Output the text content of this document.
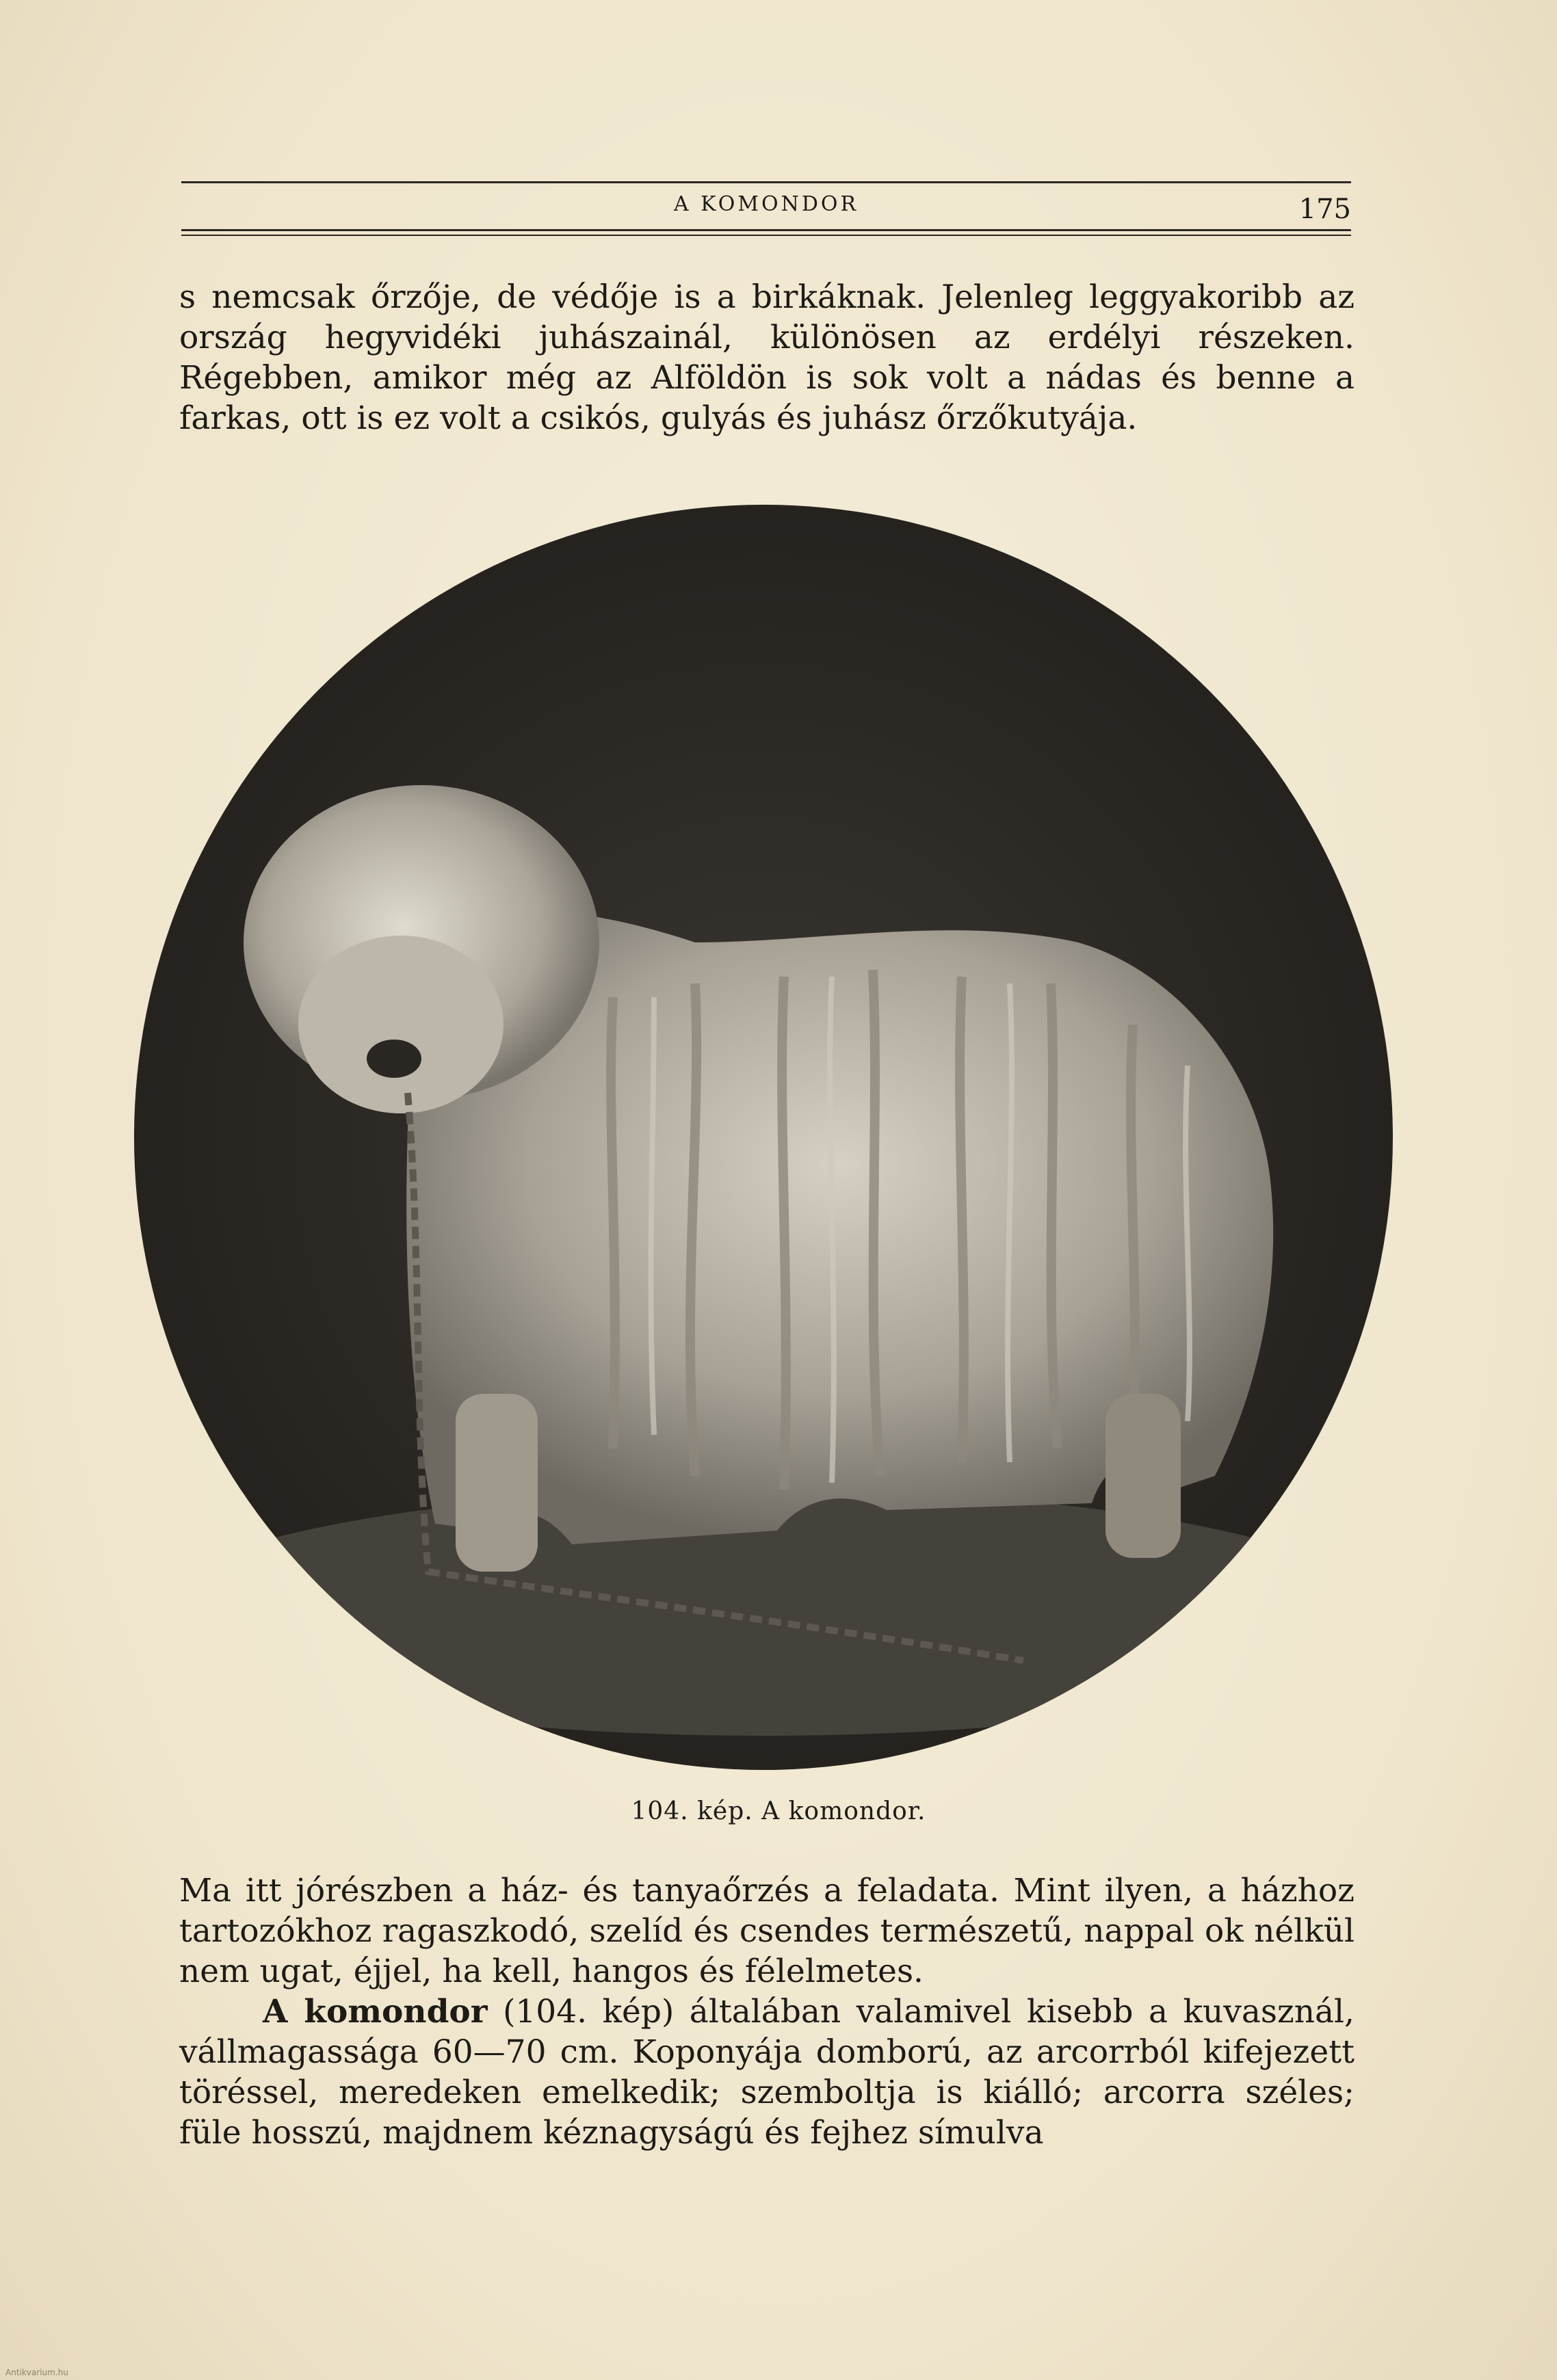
A KOMONDOR	175

s nemcsak őrzője, de védője is a birkáknak. Jelenleg leggyakoribb az ország hegyvidéki juhászainál, különösen az erdélyi részeken. Régebben, amikor még az Alföldön is sok volt a nádas és benne a farkas, ott is ez volt a csikós, gulyás és juhász őrzőkutyája.

104. kép. A komondor.

Ma itt jórészben a ház- és tanyaőrzés a feladata. Mint ilyen, a házhoz tartozókhoz ragaszkodó, szelíd és csendes természetű, nappal ok nélkül nem ugat, éjjel, ha kell, hangos és félelmetes.

A komondor (104. kép) általában valamivel kisebb a kuvasznál, vállmagassága 60—70 cm. Koponyája domború, az arcorrból kifejezett töréssel, meredeken emelkedik; szemboltja is kiálló; arcorra széles; füle hosszú, majdnem kéznagyságú és fejhez símulva

Antikvarium.hu
